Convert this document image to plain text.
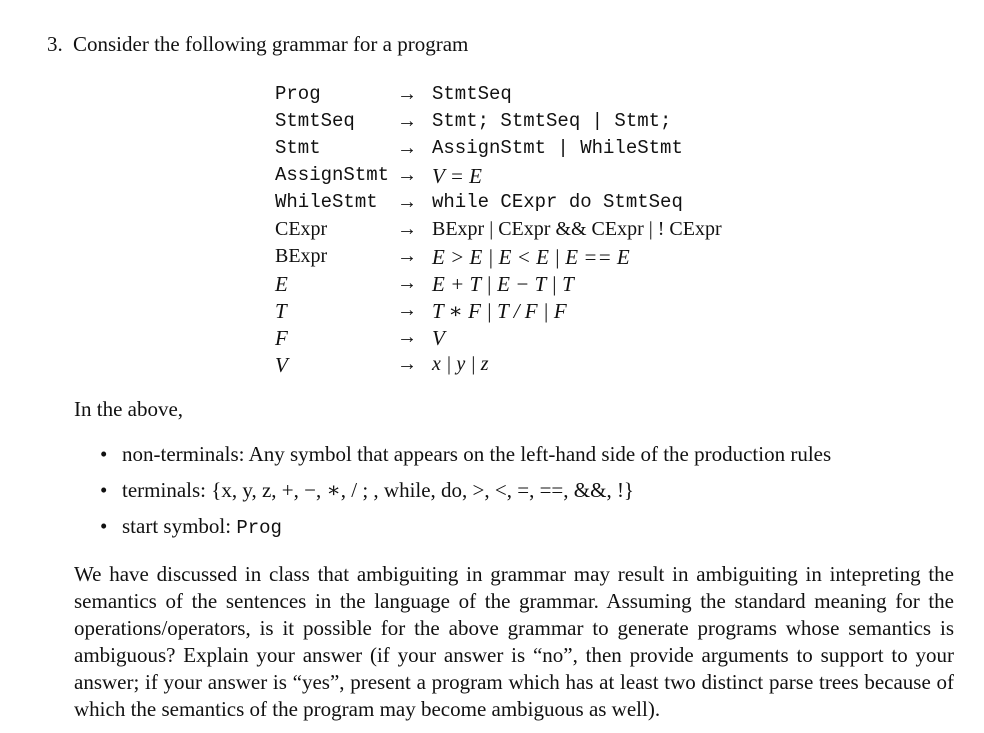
3. Consider the following grammar for a program
Prog	→ StmtSeq
StmtSeq	→ Stmt; StmtSeq | Stmt;
Stmt	→ AssignStmt | WhileStmt
AssignStmt → V = E
WhileStmt → while CExpr do StmtSeq
CExpr	→ BExpr | CExpr && CExpr | ! CExpr
BExpr	→ E > E | E < E | E == E
E	→ E + T | E − T | T
T	→ T ∗ F | T / F | F
F	→ V
V	→ x | y | z
In the above,
• non-terminals: Any symbol that appears on the left-hand side of the production rules
• terminals: {x, y, z, +, −, ∗, / ; , while, do, >, <, =, ==, &&, !}
• start symbol: Prog
We have discussed in class that ambiguiting in grammar may result in ambiguiting in intepreting the semantics of the sentences in the language of the grammar. Assuming the standard meaning for the operations/operators, is it possible for the above grammar to generate programs whose semantics is ambiguous? Explain your answer (if your answer is “no”, then provide arguments to support to your answer; if your answer is “yes”, present a program which has at least two distinct parse trees because of which the semantics of the program may become ambiguous as well).
